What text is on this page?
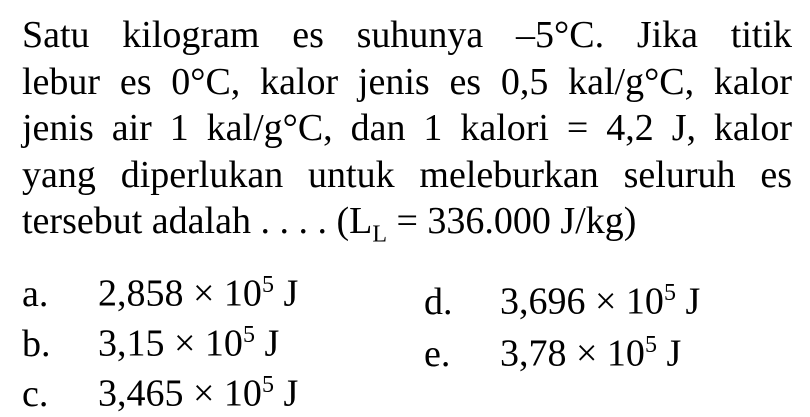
Satu kilogram es suhunya –5°C. Jika titik
lebur es 0°C, kalor jenis es 0,5 kal/g°C, kalor
jenis air 1 kal/g°C, dan 1 kalori = 4,2 J, kalor
yang diperlukan untuk meleburkan seluruh es
tersebut adalah . . . . ($L_L = 336.000$ J/kg)
a. $2,858 \times 10^5$ J
b. $3,15 \times 10^5$ J
c. $3,465 \times 10^5$ J
d. $3,696 \times 10^5$ J
e. $3,78 \times 10^5$ J
